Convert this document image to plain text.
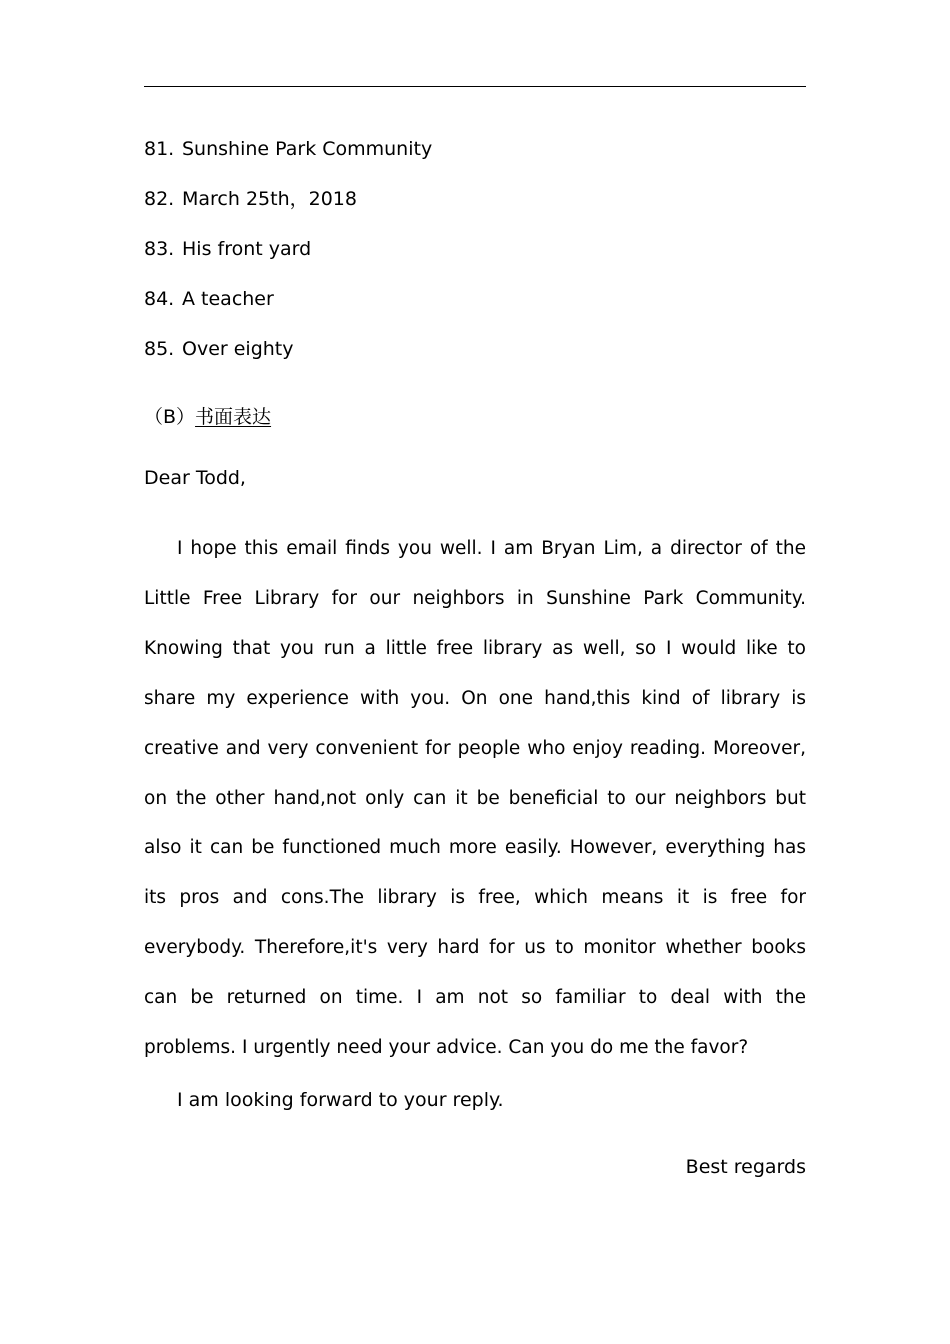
81. Sunshine Park Community
82. March 25th，2018
83. His front yard
84. A teacher
85. Over eighty
（B）书面表达
Dear Todd,

I hope this email finds you well. I am Bryan Lim, a director of the Little Free Library for our neighbors in Sunshine Park Community. Knowing that you run a little free library as well, so I would like to share my experience with you. On one hand,this kind of library is creative and very convenient for people who enjoy reading. Moreover, on the other hand,not only can it be beneficial to our neighbors but also it can be functioned much more easily. However, everything has its pros and cons.The library is free, which means it is free for everybody. Therefore,it's very hard for us to monitor whether books can be returned on time. I am not so familiar to deal with the problems. I urgently need your advice. Can you do me the favor?

I am looking forward to your reply.

Best regards
